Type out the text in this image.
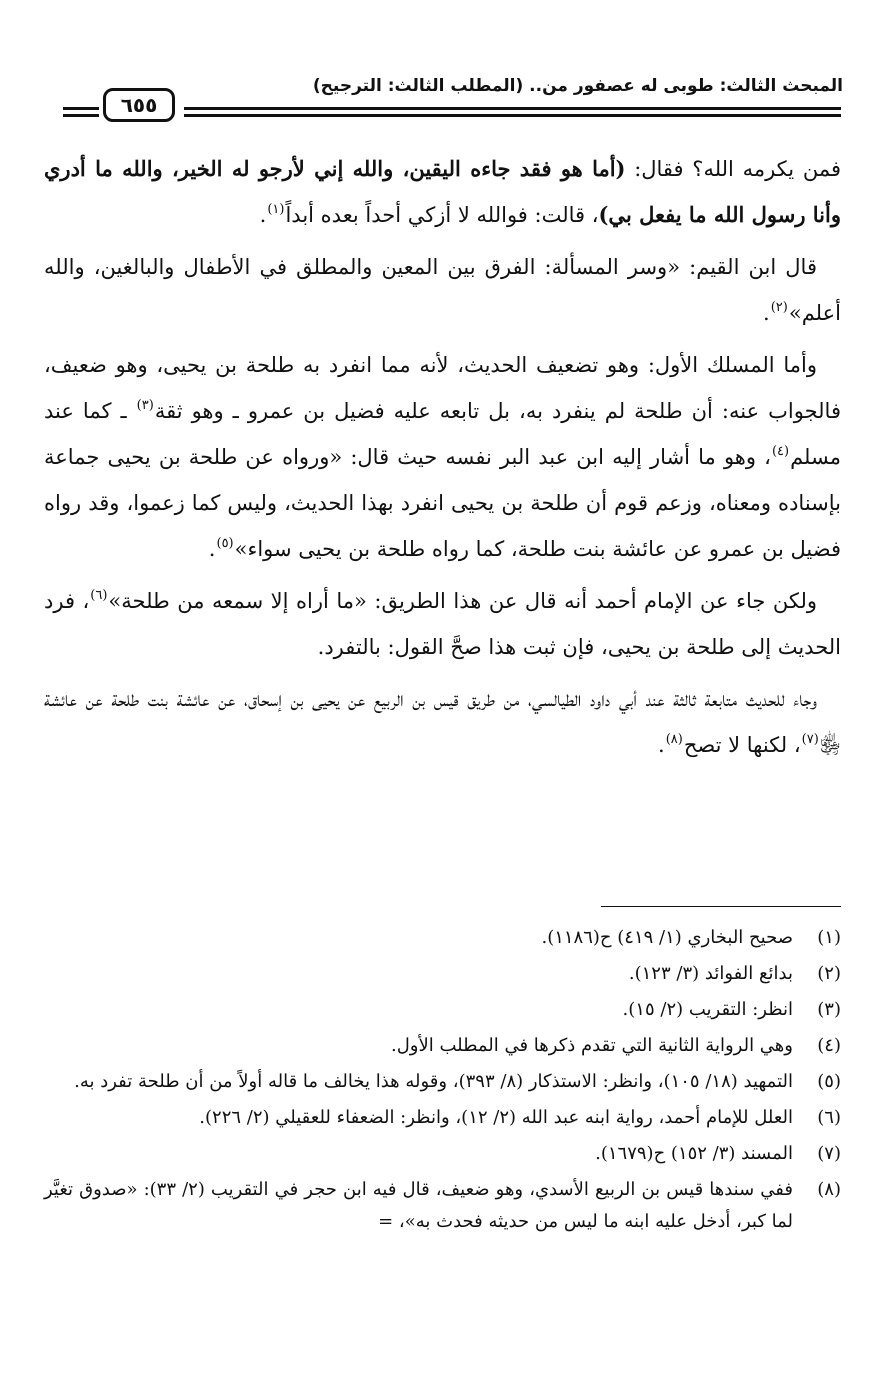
المبحث الثالث: طوبى له عصفور من.. (المطلب الثالث: الترجيح)
٦٥٥

فمن يكرمه الله؟ فقال: (أما هو فقد جاءه اليقين، والله إني لأرجو له الخير، والله ما أدري وأنا رسول الله ما يفعل بي)، قالت: فوالله لا أزكي أحداً بعده أبداً$^{(١)}$.

قال ابن القيم: «وسر المسألة: الفرق بين المعين والمطلق في الأطفال والبالغين، والله أعلم»$^{(٢)}$.

وأما المسلك الأول: وهو تضعيف الحديث، لأنه مما انفرد به طلحة بن يحيى، وهو ضعيف، فالجواب عنه: أن طلحة لم ينفرد به، بل تابعه عليه فضيل بن عمرو ـ وهو ثقة$^{(٣)}$ ـ كما عند مسلم$^{(٤)}$، وهو ما أشار إليه ابن عبد البر نفسه حيث قال: «ورواه عن طلحة بن يحيى جماعة بإسناده ومعناه، وزعم قوم أن طلحة بن يحيى انفرد بهذا الحديث، وليس كما زعموا، وقد رواه فضيل بن عمرو عن عائشة بنت طلحة، كما رواه طلحة بن يحيى سواء»$^{(٥)}$.

ولكن جاء عن الإمام أحمد أنه قال عن هذا الطريق: «ما أراه إلا سمعه من طلحة»$^{(٦)}$، فرد الحديث إلى طلحة بن يحيى، فإن ثبت هذا صحَّ القول: بالتفرد.

وجاء للحديث متابعة ثالثة عند أبي داود الطيالسي، من طريق قيس بن الربيع عن يحيى بن إسحاق، عن عائشة بنت طلحة عن عائشة ﵂$^{(٧)}$، لكنها لا تصح$^{(٨)}$.

(١)
صحيح البخاري (١/ ٤١٩) ح(١١٨٦).
(٢)
بدائع الفوائد (٣/ ١٢٣).
(٣)
انظر: التقريب (٢/ ١٥).
(٤)
وهي الرواية الثانية التي تقدم ذكرها في المطلب الأول.
(٥)
التمهيد (١٨/ ١٠٥)، وانظر: الاستذكار (٨/ ٣٩٣)، وقوله هذا يخالف ما قاله أولاً من أن طلحة تفرد به.
(٦)
العلل للإمام أحمد، رواية ابنه عبد الله (٢/ ١٢)، وانظر: الضعفاء للعقيلي (٢/ ٢٢٦).
(٧)
المسند (٣/ ١٥٢) ح(١٦٧٩).
(٨)
ففي سندها قيس بن الربيع الأسدي، وهو ضعيف، قال فيه ابن حجر في التقريب (٢/ ٣٣): «صدوق تغيَّر لما كبر، أدخل عليه ابنه ما ليس من حديثه فحدث به»، =
